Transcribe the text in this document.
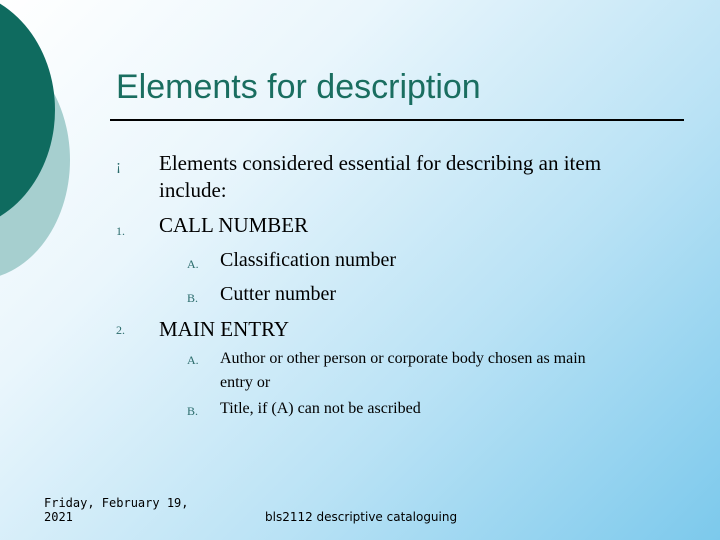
Elements for description
¡ Elements considered essential for describing an item
include:
1. CALL NUMBER
A. Classification number
B. Cutter number
2. MAIN ENTRY
A. Author or other person or corporate body chosen as main
entry or
B. Title, if (A) can not be ascribed
Friday, February 19,
2021	bls2112 descriptive cataloguing
